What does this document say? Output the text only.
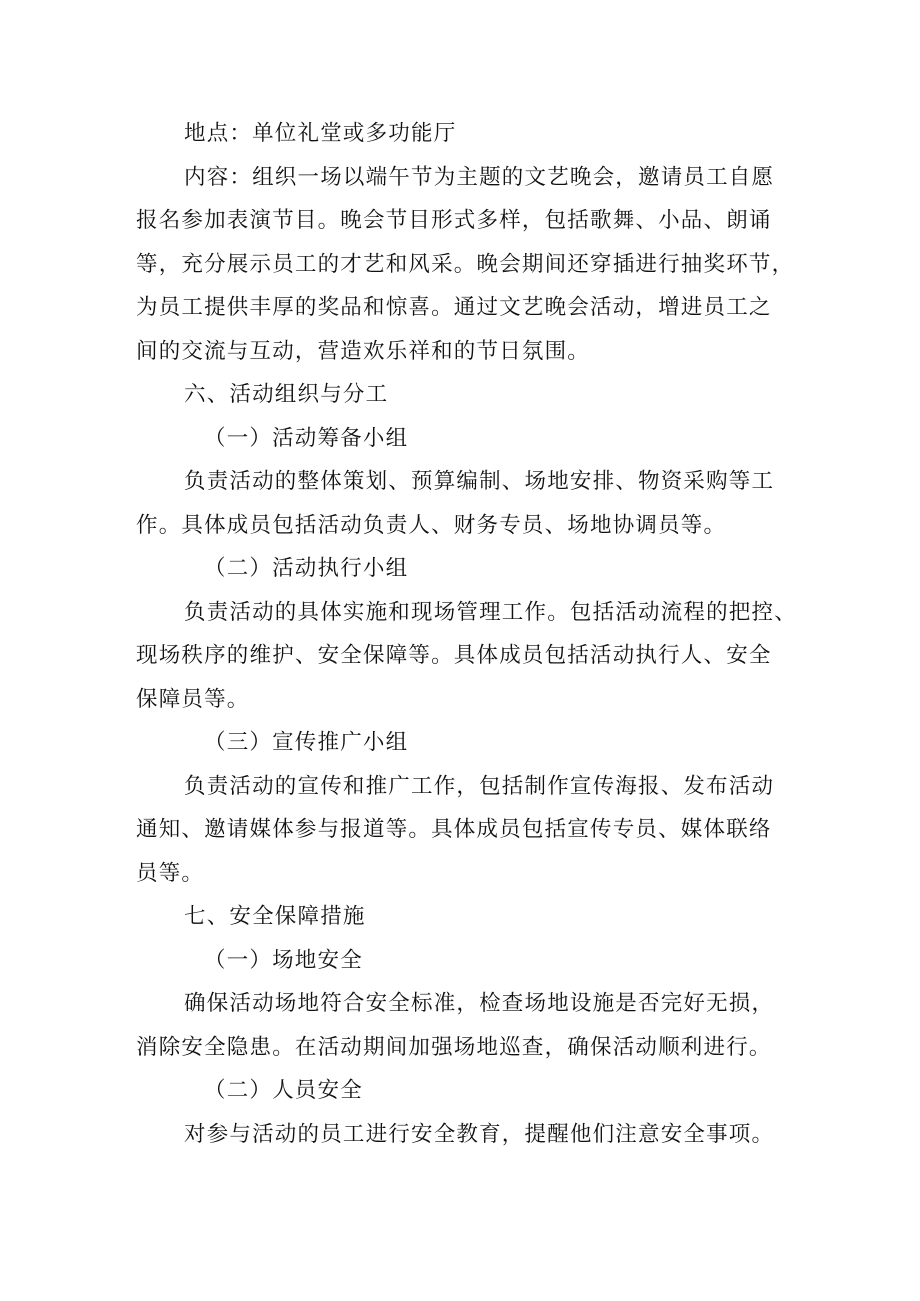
地点：单位礼堂或多功能厅
内容：组织一场以端午节为主题的文艺晚会，邀请员工自愿
报名参加表演节目。晚会节目形式多样，包括歌舞、小品、朗诵
等，充分展示员工的才艺和风采。晚会期间还穿插进行抽奖环节，
为员工提供丰厚的奖品和惊喜。通过文艺晚会活动，增进员工之
间的交流与互动，营造欢乐祥和的节日氛围。
六、活动组织与分工
（一）活动筹备小组
负责活动的整体策划、预算编制、场地安排、物资采购等工
作。具体成员包括活动负责人、财务专员、场地协调员等。
（二）活动执行小组
负责活动的具体实施和现场管理工作。包括活动流程的把控、
现场秩序的维护、安全保障等。具体成员包括活动执行人、安全
保障员等。
（三）宣传推广小组
负责活动的宣传和推广工作，包括制作宣传海报、发布活动
通知、邀请媒体参与报道等。具体成员包括宣传专员、媒体联络
员等。
七、安全保障措施
（一）场地安全
确保活动场地符合安全标准，检查场地设施是否完好无损，
消除安全隐患。在活动期间加强场地巡查，确保活动顺利进行。
（二）人员安全
对参与活动的员工进行安全教育，提醒他们注意安全事项。
